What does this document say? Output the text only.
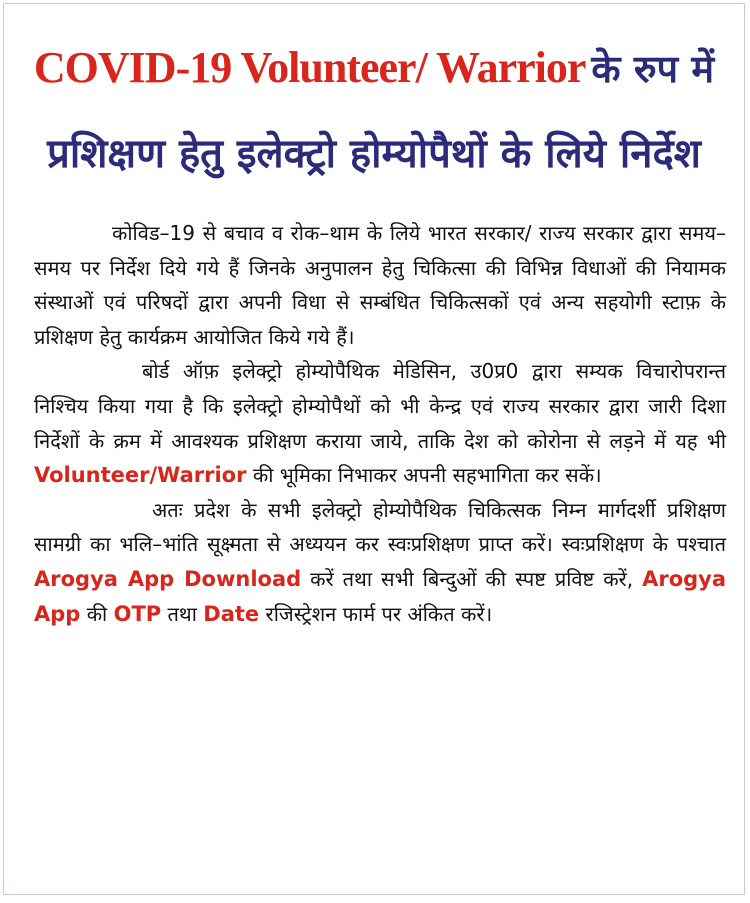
COVID-19 Volunteer/ Warrior के रुप में
प्रशिक्षण हेतु इलेक्ट्रो होम्योपैथों के लिये निर्देश

कोविड–19 से बचाव व रोक–थाम के लिये भारत सरकार/ राज्य सरकार द्वारा समय–समय पर निर्देश दिये गये हैं जिनके अनुपालन हेतु चिकित्सा की विभिन्न विधाओं की नियामक संस्थाओं एवं परिषदों द्वारा अपनी विधा से सम्बंधित चिकित्सकों एवं अन्य सहयोगी स्टाफ़ के प्रशिक्षण हेतु कार्यक्रम आयोजित किये गये हैं।

बोर्ड ऑफ़ इलेक्ट्रो होम्योपैथिक मेडिसिन, उ0प्र0 द्वारा सम्यक विचारोपरान्त निश्चिय किया गया है कि इलेक्ट्रो होम्योपैथों को भी केन्द्र एवं राज्य सरकार द्वारा जारी दिशा निर्देशों के क्रम में आवश्यक प्रशिक्षण कराया जाये, ताकि देश को कोरोना से लड़ने में यह भी Volunteer/Warrior की भूमिका निभाकर अपनी सहभागिता कर सकें।

अतः प्रदेश के सभी इलेक्ट्रो होम्योपैथिक चिकित्सक निम्न मार्गदर्शी प्रशिक्षण सामग्री का भलि–भांति सूक्ष्मता से अध्ययन कर स्वःप्रशिक्षण प्राप्त करें। स्वःप्रशिक्षण के पश्चात Arogya App Download करें तथा सभी बिन्दुओं की स्पष्ट प्रविष्ट करें, Arogya App की OTP तथा Date रजिस्ट्रेशन फार्म पर अंकित करें।
